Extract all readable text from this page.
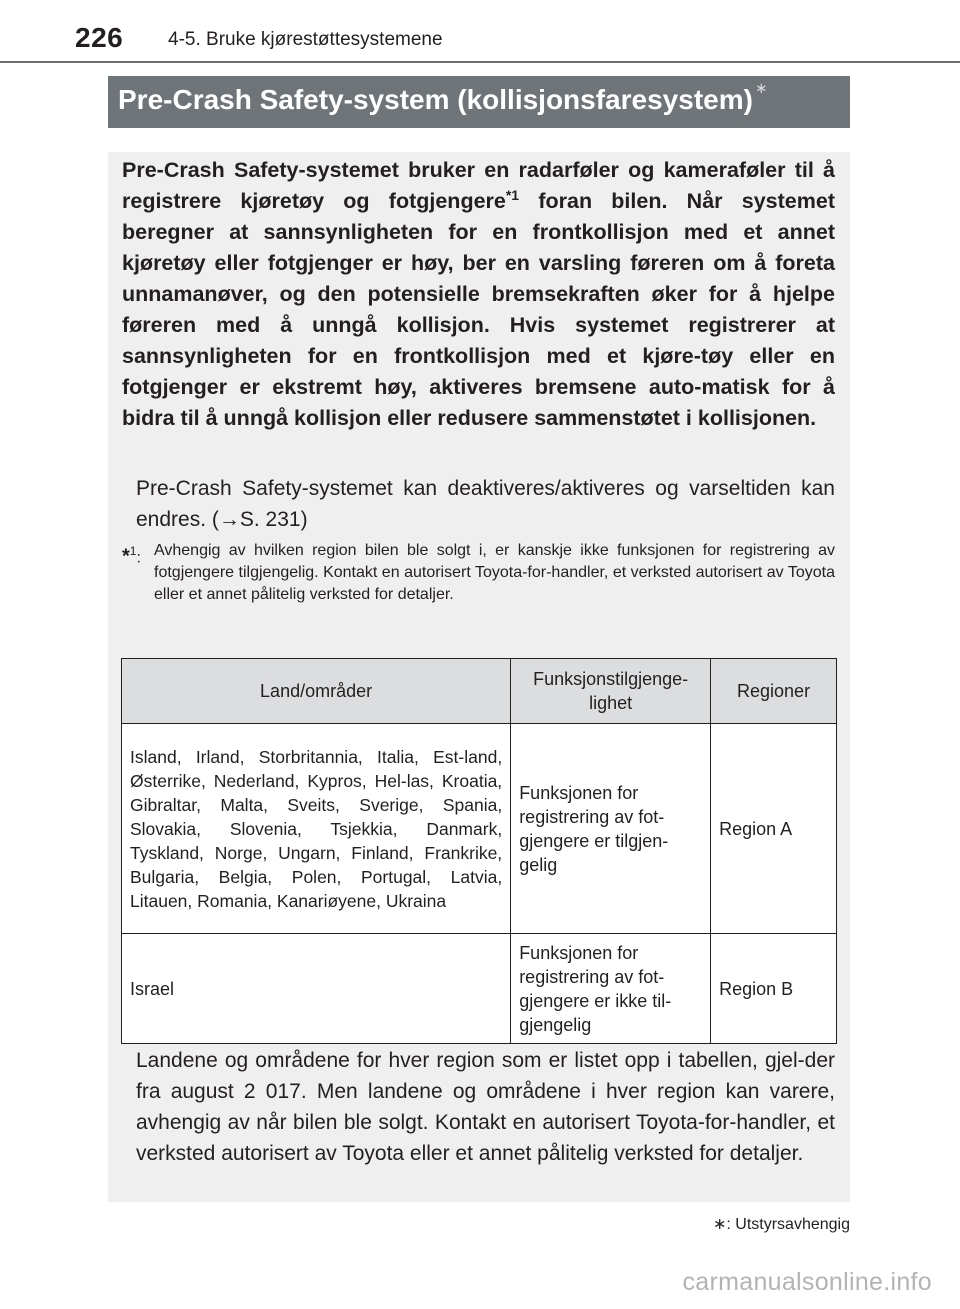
226 4-5. Bruke kjørestøttesystemene
Pre-Crash Safety-system (kollisjonsfaresystem) ∗
Pre-Crash Safety-systemet bruker en radarføler og kameraføler til å registrere kjøretøy og fotgjengere$^{*1}$ foran bilen. Når systemet beregner at sannsynligheten for en frontkollisjon med et annet kjøretøy eller fotgjenger er høy, ber en varsling føreren om å foreta unnamanøver, og den potensielle bremsekraften øker for å hjelpe føreren med å unngå kollisjon. Hvis systemet registrerer at sannsynligheten for en frontkollisjon med et kjøre-tøy eller en fotgjenger er ekstremt høy, aktiveres bremsene auto-matisk for å bidra til å unngå kollisjon eller redusere sammenstøtet i kollisjonen.
Pre-Crash Safety-systemet kan deaktiveres/aktiveres og varseltiden kan endres. (→S. 231)
*$^1$: Avhengig av hvilken region bilen ble solgt i, er kanskje ikke funksjonen for registrering av fotgjengere tilgjengelig. Kontakt en autorisert Toyota-for-handler, et verksted autorisert av Toyota eller et annet pålitelig verksted for detaljer.
Land/områder	Funksjonstilgjenge-lighet	Regioner
Island, Irland, Storbritannia, Italia, Est-land, Østerrike, Nederland, Kypros, Hel-las, Kroatia, Gibraltar, Malta, Sveits, Sverige, Spania, Slovakia, Slovenia, Tsjekkia, Danmark, Tyskland, Norge, Ungarn, Finland, Frankrike, Bulgaria, Belgia, Polen, Portugal, Latvia, Litauen, Romania, Kanariøyene, Ukraina	Funksjonen for registrering av fot-gjengere er tilgjen-gelig	Region A
Israel	Funksjonen for registrering av fot-gjengere er ikke til-gjengelig	Region B
Landene og områdene for hver region som er listet opp i tabellen, gjel-der fra august 2 017. Men landene og områdene i hver region kan varere, avhengig av når bilen ble solgt. Kontakt en autorisert Toyota-for-handler, et verksted autorisert av Toyota eller et annet pålitelig verksted for detaljer.
∗: Utstyrsavhengig
carmanualsonline.info
